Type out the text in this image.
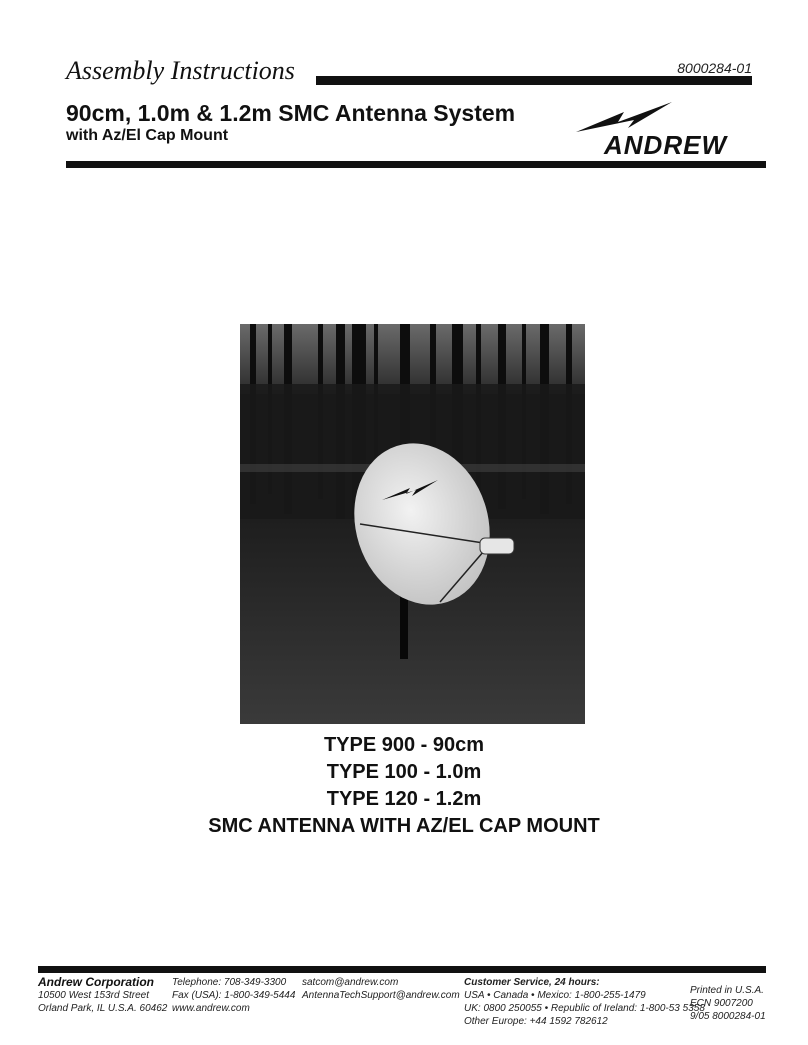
Assembly Instructions	8000284-01
90cm, 1.0m & 1.2m SMC Antenna System
with Az/El Cap Mount	ANDREW
TYPE 900 - 90cm
TYPE 100 - 1.0m
TYPE 120 - 1.2m
SMC ANTENNA WITH AZ/EL CAP MOUNT
Andrew Corporation
10500 West 153rd Street
Orland Park, IL U.S.A. 60462
Telephone: 708-349-3300
Fax (USA): 1-800-349-5444
www.andrew.com
satcom@andrew.com
AntennaTechSupport@andrew.com
Customer Service, 24 hours:
USA • Canada • Mexico: 1-800-255-1479
UK: 0800 250055 • Republic of Ireland: 1-800-53 5358
Other Europe: +44 1592 782612
Printed in U.S.A.
ECN 9007200
9/05 8000284-01
